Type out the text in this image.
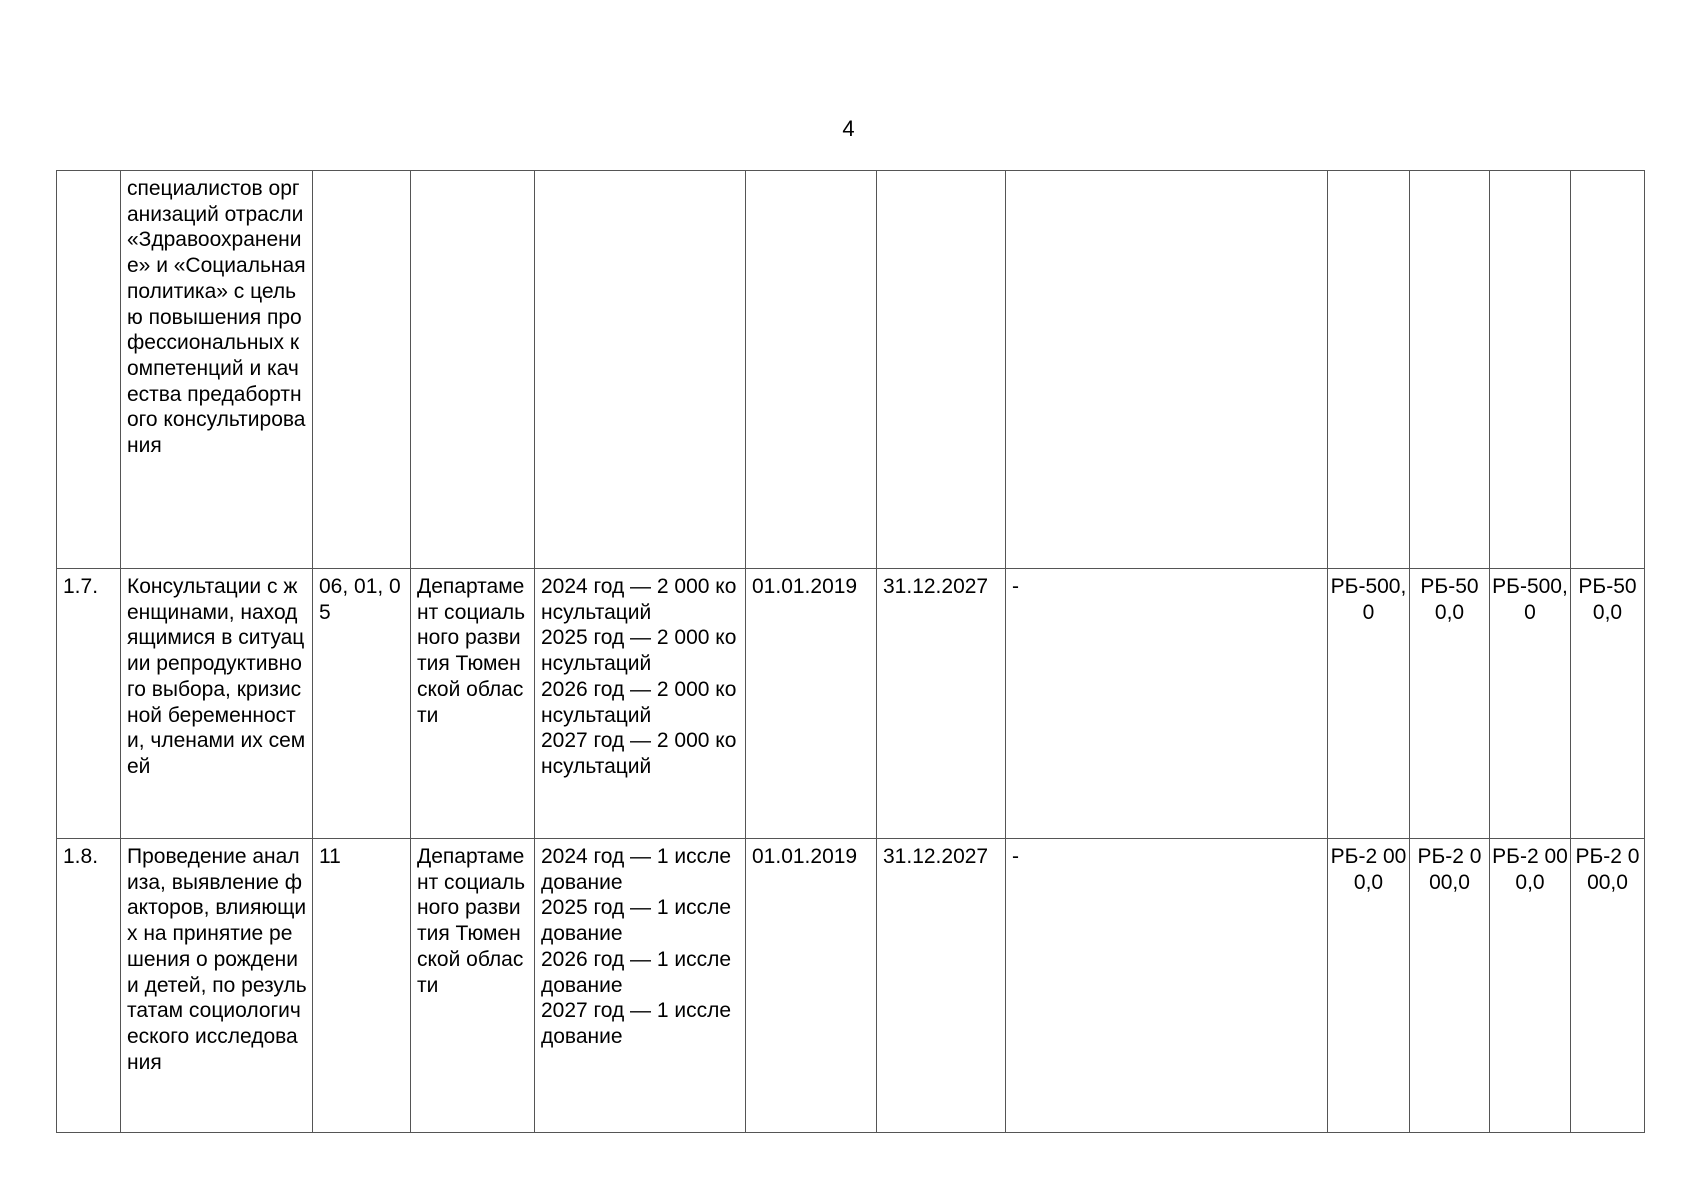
4
	специалистов организаций отрасли «Здравоохранение» и «Социальная политика» с целью повышения профессиональных компетенций и качества предабортного консультирования										
1.7.	Консультации с женщинами, находящимися в ситуации репродуктивного выбора, кризисной беременности, членами их семей	06, 01, 05	Департамент социального развития Тюменской области	2024 год — 2 000 консультаций
2025 год — 2 000 консультаций
2026 год — 2 000 консультаций
2027 год — 2 000 консультаций	01.01.2019	31.12.2027	-	РБ-500,0	РБ-500,0	РБ-500,0	РБ-500,0
1.8.	Проведение анализа, выявление факторов, влияющих на принятие решения о рождении детей, по результатам социологического исследования	11	Департамент социального развития Тюменской области	2024 год — 1 исследование
2025 год — 1 исследование
2026 год — 1 исследование
2027 год — 1 исследование	01.01.2019	31.12.2027	-	РБ-2 000,0	РБ-2 000,0	РБ-2 000,0	РБ-2 000,0
